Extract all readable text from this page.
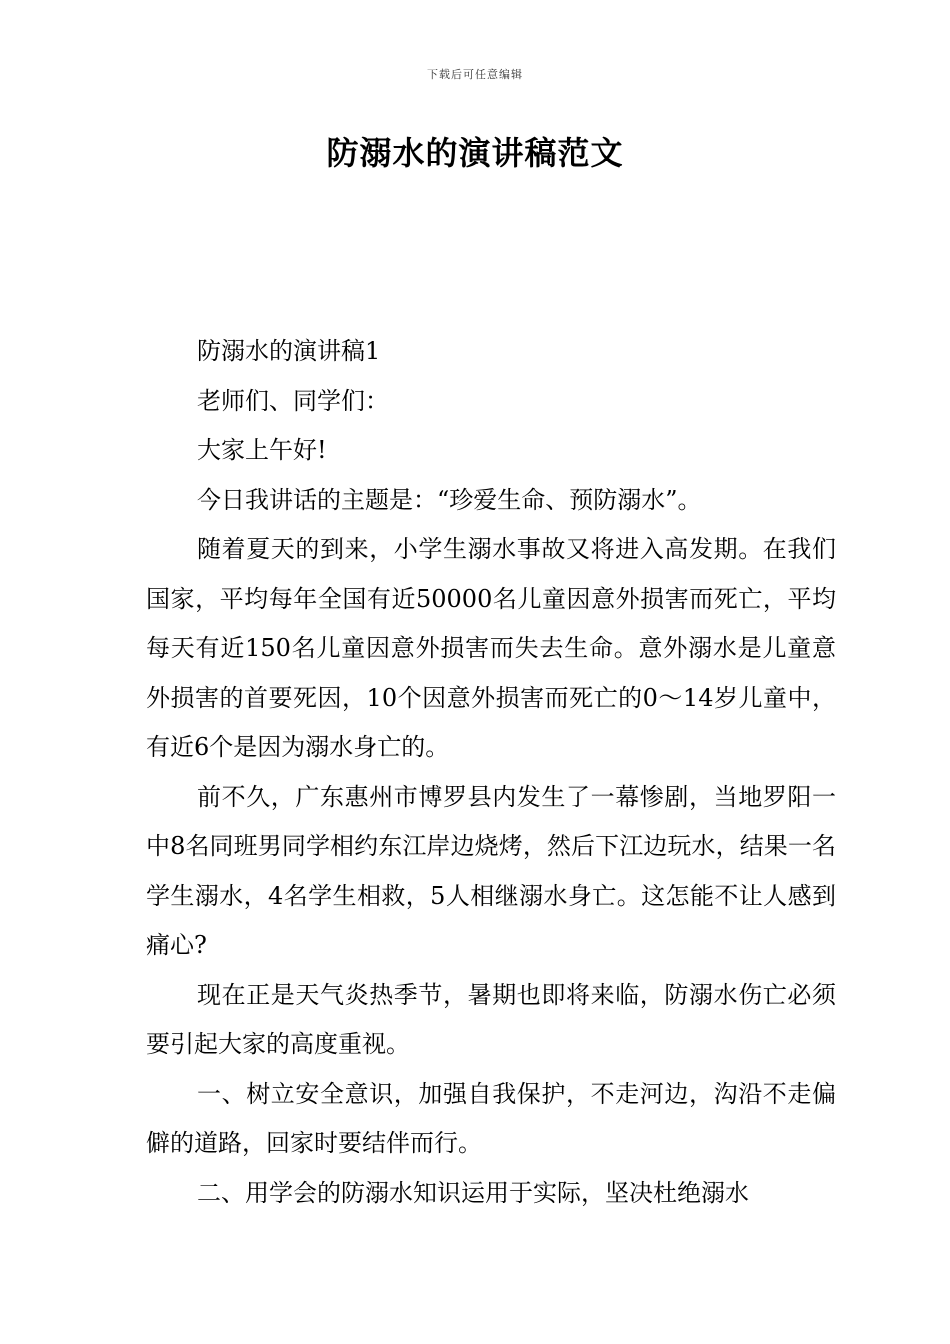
下载后可任意编辑
防溺水的演讲稿范文

防溺水的演讲稿1

老师们、同学们：

大家上午好!

今日我讲话的主题是：“珍爱生命、预防溺水”。

随着夏天的到来，小学生溺水事故又将进入高发期。在我们国家，平均每年全国有近50000名儿童因意外损害而死亡，平均每天有近150名儿童因意外损害而失去生命。意外溺水是儿童意外损害的首要死因，10个因意外损害而死亡的0～14岁儿童中，有近6个是因为溺水身亡的。

前不久，广东惠州市博罗县内发生了一幕惨剧，当地罗阳一中8名同班男同学相约东江岸边烧烤，然后下江边玩水，结果一名学生溺水，4名学生相救，5人相继溺水身亡。这怎能不让人感到痛心?

现在正是天气炎热季节，暑期也即将来临，防溺水伤亡必须要引起大家的高度重视。

一、树立安全意识，加强自我保护，不走河边，沟沿不走偏僻的道路，回家时要结伴而行。

二、用学会的防溺水知识运用于实际，坚决杜绝溺水
